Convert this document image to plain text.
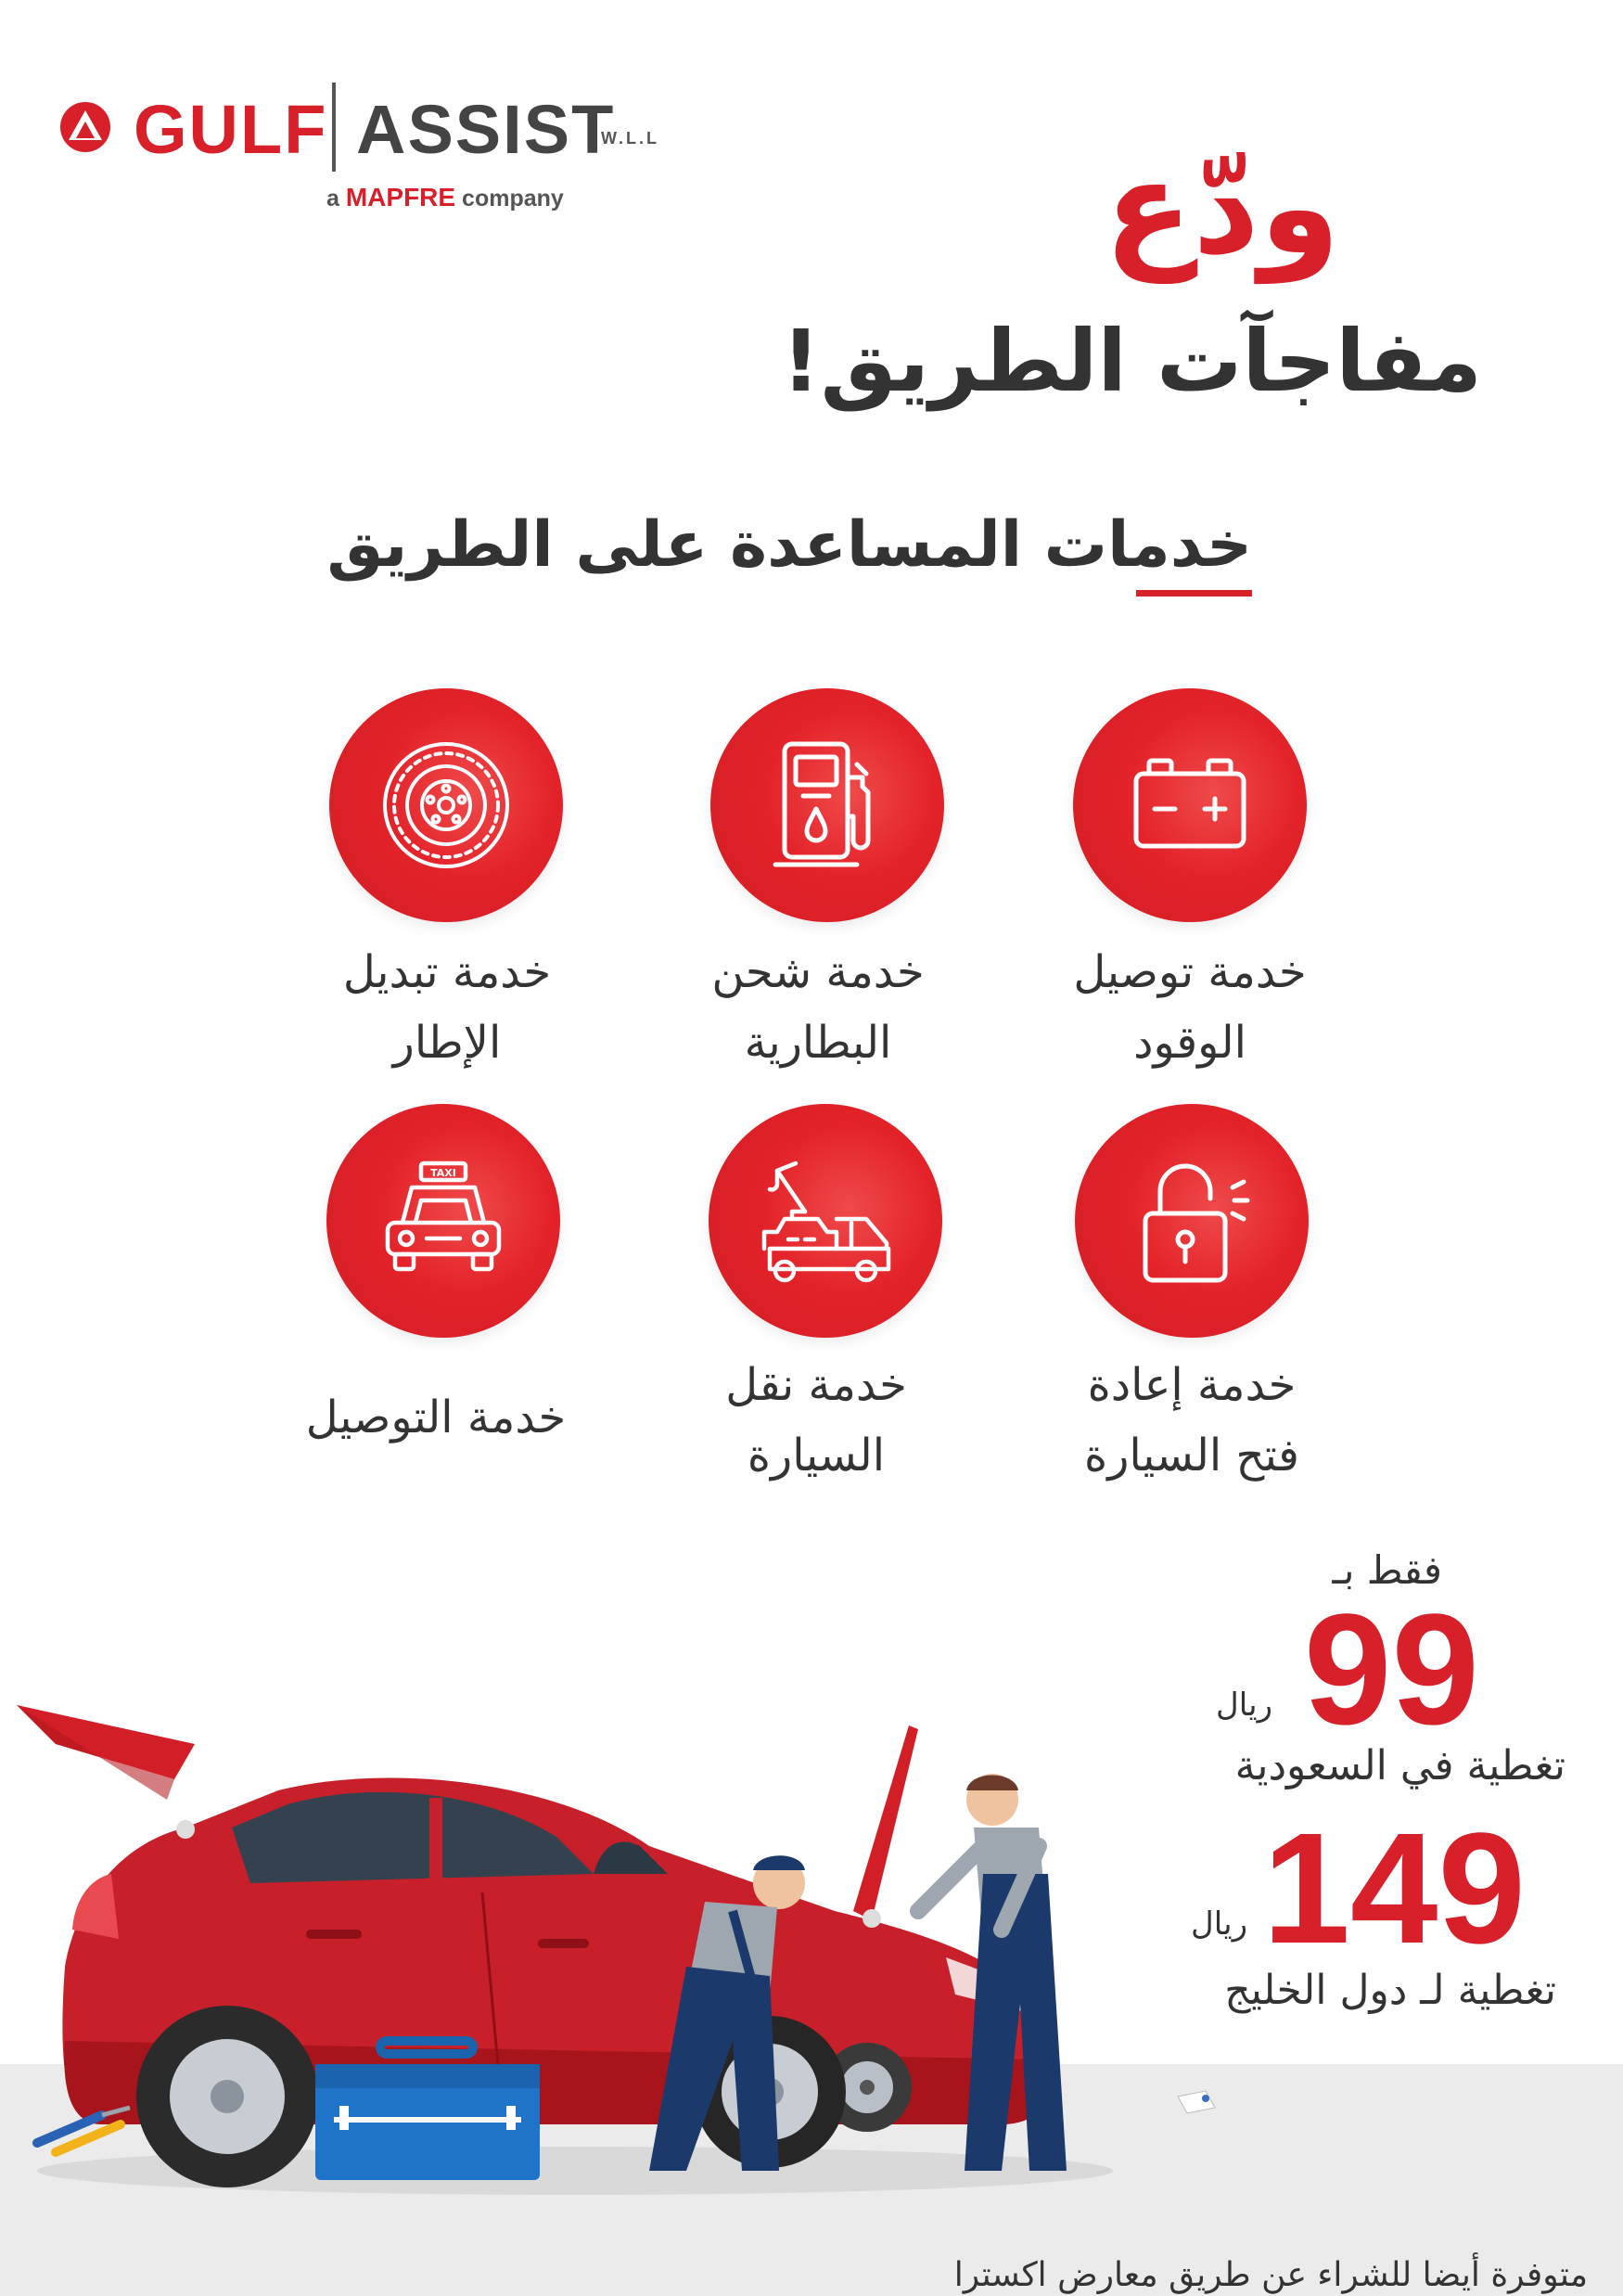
GULF ASSIST
W.L.L
a MAPFRE company	ودّع
مفاجآت الطريق!
خدمات المساعدة على الطريق
خدمة توصيل
الوقود
خدمة شحن
البطارية
خدمة تبديل
الإطار
TAXI
خدمة إعادة
فتح السيارة
خدمة نقل
السيارة
خدمة التوصيل
فقط بـ
99
ريال
تغطية في السعودية
149
ريال
تغطية لـ دول الخليج
متوفرة أيضا للشراء عن طريق معارض اكسترا
